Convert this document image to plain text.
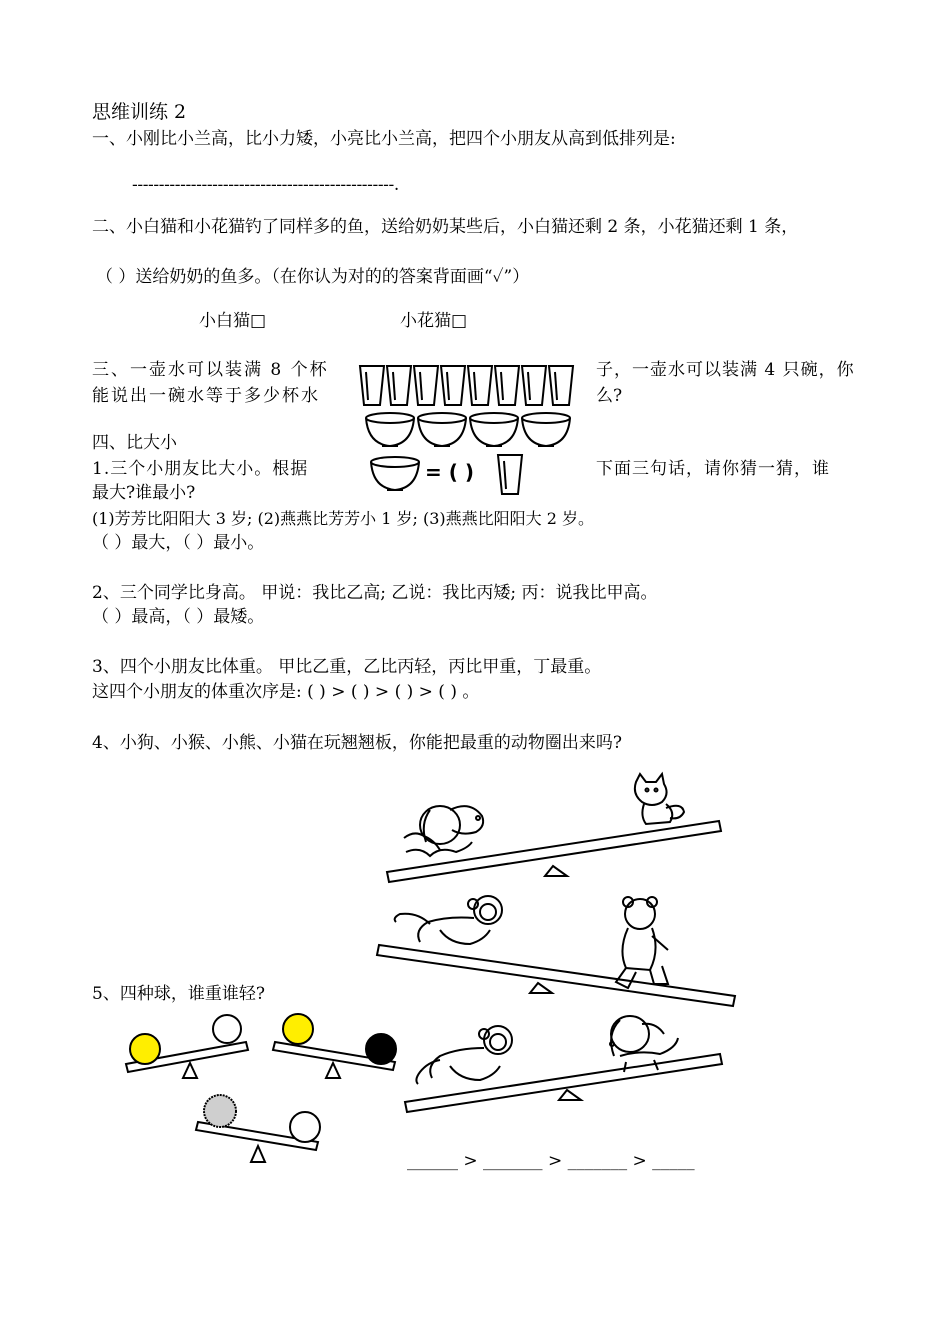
思维训练 2
一、小刚比小兰高，比小力矮，小亮比小兰高，把四个小朋友从高到低排列是:
-------------------------------------------------.
二、小白猫和小花猫钓了同样多的鱼，送给奶奶某些后，小白猫还剩 2 条，小花猫还剩 1 条，
（ ）送给奶奶的鱼多。（在你认为对的的答案背面画“✓”）
小白猫□	小花猫□
三、一壶水可以装满 8 个杯
能说出一碗水等于多少杯水
子，一壶水可以装满 4 只碗，你
么?
四、比大小
1.三个小朋友比大小。根据	下面三句话，请你猜一猜，谁
最大?谁最小?
(1)芳芳比阳阳大 3 岁; (2)燕燕比芳芳小 1 岁; (3)燕燕比阳阳大 2 岁。
（ ）最大，（ ）最小。
2、三个同学比身高。 甲说：我比乙高; 乙说：我比丙矮; 丙：说我比甲高。
（ ）最高，（ ）最矮。
3、四个小朋友比体重。 甲比乙重，乙比丙轻，丙比甲重，丁最重。
这四个小朋友的体重次序是: ( ) > ( ) > ( ) > ( ) 。
4、小狗、小猴、小熊、小猫在玩翘翘板，你能把最重的动物圈出来吗?
5、四种球，谁重谁轻?
______ > _______ > _______ > _____
= ( )
